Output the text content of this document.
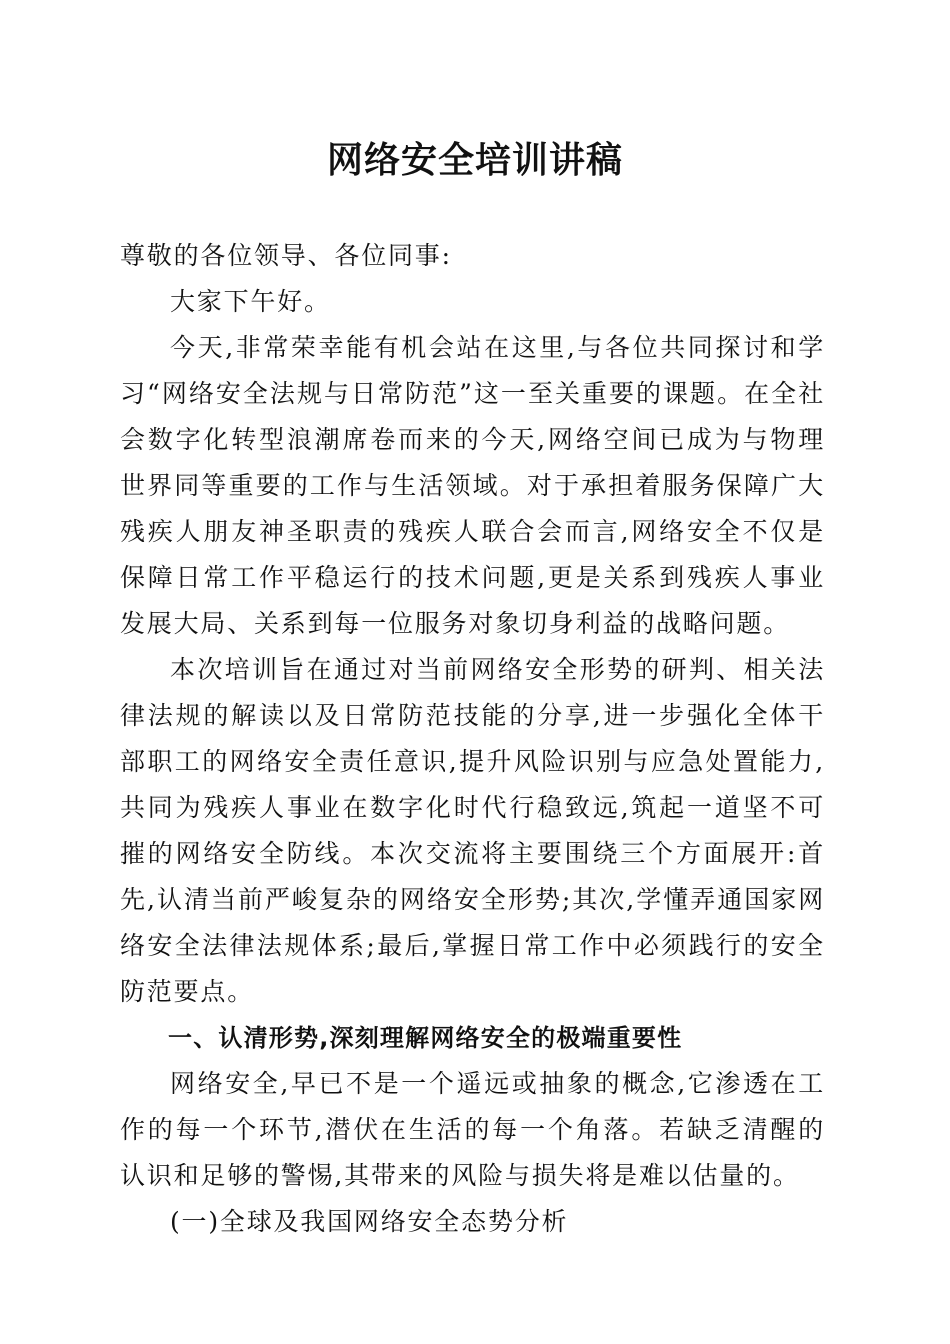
网络安全培训讲稿

尊敬的各位领导、各位同事:

大家下午好。

今天,非常荣幸能有机会站在这里,与各位共同探讨和学习“网络安全法规与日常防范”这一至关重要的课题。在全社会数字化转型浪潮席卷而来的今天,网络空间已成为与物理世界同等重要的工作与生活领域。对于承担着服务保障广大残疾人朋友神圣职责的残疾人联合会而言,网络安全不仅是保障日常工作平稳运行的技术问题,更是关系到残疾人事业发展大局、关系到每一位服务对象切身利益的战略问题。

本次培训旨在通过对当前网络安全形势的研判、相关法律法规的解读以及日常防范技能的分享,进一步强化全体干部职工的网络安全责任意识,提升风险识别与应急处置能力,共同为残疾人事业在数字化时代行稳致远,筑起一道坚不可摧的网络安全防线。本次交流将主要围绕三个方面展开:首先,认清当前严峻复杂的网络安全形势;其次,学懂弄通国家网络安全法律法规体系;最后,掌握日常工作中必须践行的安全防范要点。

一、认清形势,深刻理解网络安全的极端重要性

网络安全,早已不是一个遥远或抽象的概念,它渗透在工作的每一个环节,潜伏在生活的每一个角落。若缺乏清醒的认识和足够的警惕,其带来的风险与损失将是难以估量的。

(一)全球及我国网络安全态势分析
